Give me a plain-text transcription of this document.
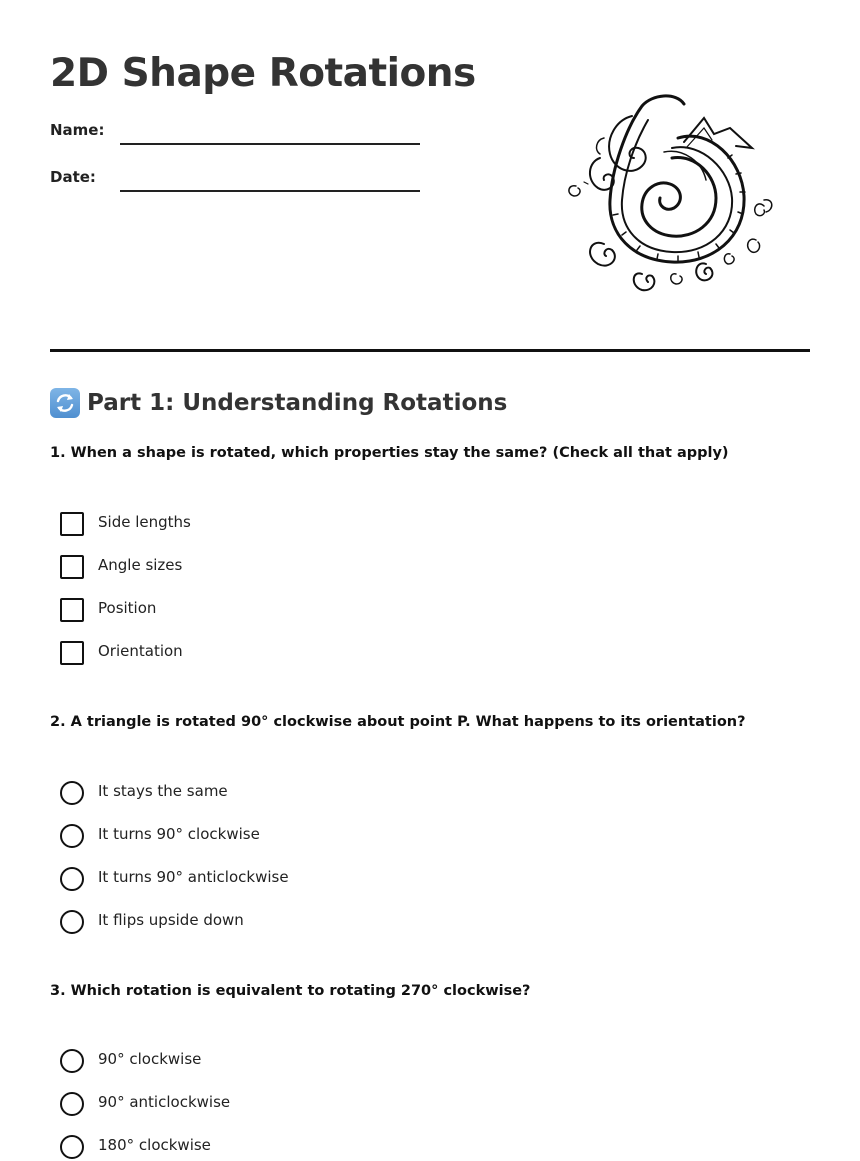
2D Shape Rotations
Name:
Date:
Part 1: Understanding Rotations
1. When a shape is rotated, which properties stay the same? (Check all that apply)
Side lengths
Angle sizes
Position
Orientation
2. A triangle is rotated 90° clockwise about point P. What happens to its orientation?
It stays the same
It turns 90° clockwise
It turns 90° anticlockwise
It flips upside down
3. Which rotation is equivalent to rotating 270° clockwise?
90° clockwise
90° anticlockwise
180° clockwise
